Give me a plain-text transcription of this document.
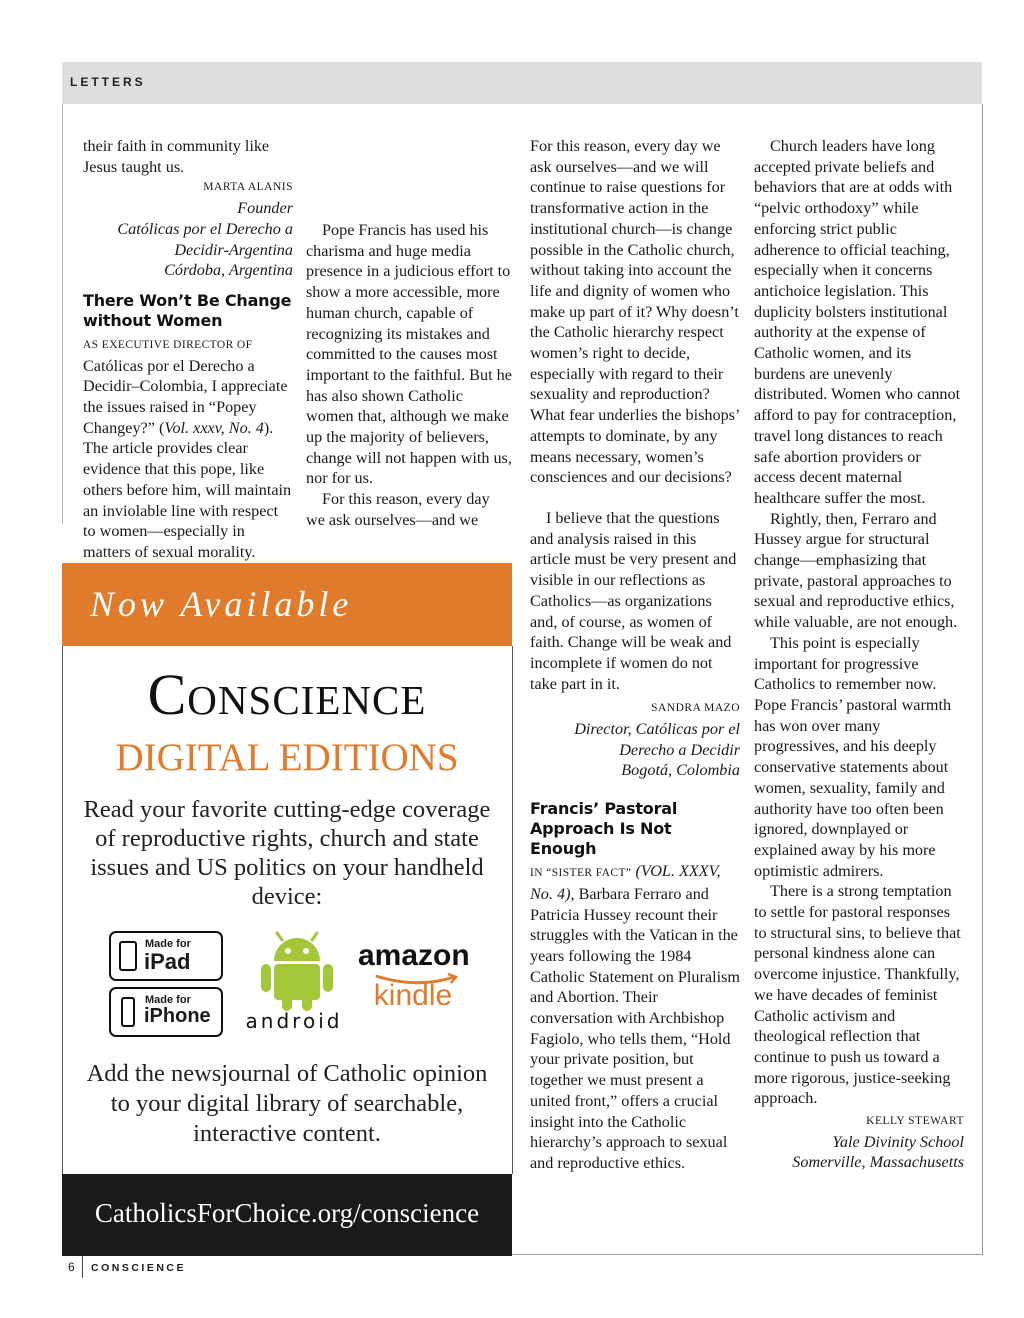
LETTERS

their faith in community like Jesus taught us.

MARTA ALANIS

Founder

Católicas por el Derecho a Decidir-Argentina

Córdoba, Argentina

There Won’t Be Change without Women

AS EXECUTIVE DIRECTOR OF Católicas por el Derecho a Decidir–Colombia, I appreciate the issues raised in “Popey Changey?” (Vol. xxxv, No. 4). The article provides clear evidence that this pope, like others before him, will maintain an inviolable line with respect to women—especially in matters of sexual morality.

Pope Francis has used his charisma and huge media presence in a judicious effort to show a more accessible, more human church, capable of recognizing its mistakes and committed to the causes most important to the faithful. But he has also shown Catholic women that, although we make up the majority of believers, change will not happen with us, nor for us.

For this reason, every day we ask ourselves—and we

For this reason, every day we ask ourselves—and we will continue to raise questions for transformative action in the institutional church—is change possible in the Catholic church, without taking into account the life and dignity of women who make up part of it? Why doesn’t the Catholic hierarchy respect women’s right to decide, especially with regard to their sexuality and reproduction? What fear underlies the bishops’ attempts to dominate, by any means necessary, women’s consciences and our decisions?

I believe that the questions and analysis raised in this article must be very present and visible in our reflections as Catholics—as organizations and, of course, as women of faith. Change will be weak and incomplete if women do not take part in it.

SANDRA MAZO

Director, Católicas por el Derecho a Decidir

Bogotá, Colombia

Francis’ Pastoral Approach Is Not Enough

IN “SISTER FACT” (VOL. XXXV, No. 4), Barbara Ferraro and Patricia Hussey recount their struggles with the Vatican in the years following the 1984 Catholic Statement on Pluralism and Abortion. Their conversation with Archbishop Fagiolo, who tells them, “Hold your private position, but together we must present a united front,” offers a crucial insight into the Catholic hierarchy’s approach to sexual and reproductive ethics.

Church leaders have long accepted private beliefs and behaviors that are at odds with “pelvic orthodoxy” while enforcing strict public adherence to official teaching, especially when it concerns antichoice legislation. This duplicity bolsters institutional authority at the expense of Catholic women, and its burdens are unevenly distributed. Women who cannot afford to pay for contraception, travel long distances to reach safe abortion providers or access decent maternal healthcare suffer the most.

Rightly, then, Ferraro and Hussey argue for structural change—emphasizing that private, pastoral approaches to sexual and reproductive ethics, while valuable, are not enough.

This point is especially important for progressive Catholics to remember now. Pope Francis’ pastoral warmth has won over many progressives, and his deeply conservative statements about women, sexuality, family and authority have too often been ignored, downplayed or explained away by his more optimistic admirers.

There is a strong temptation to settle for pastoral responses to structural sins, to believe that personal kindness alone can overcome injustice. Thankfully, we have decades of feminist Catholic activism and theological reflection that continue to push us toward a more rigorous, justice-seeking approach.

KELLY STEWART

Yale Divinity School

Somerville, Massachusetts

Now Available
Conscience
DIGITAL EDITIONS
Read your favorite cutting-edge coverage of reproductive rights, church and state issues and US politics on your handheld device:
Made for
iPad
Made for
iPhone	android
amazon
kindle
Add the newsjournal of Catholic opinion to your digital library of searchable, interactive content.
CatholicsForChoice.org/conscience
6 CONSCIENCE
